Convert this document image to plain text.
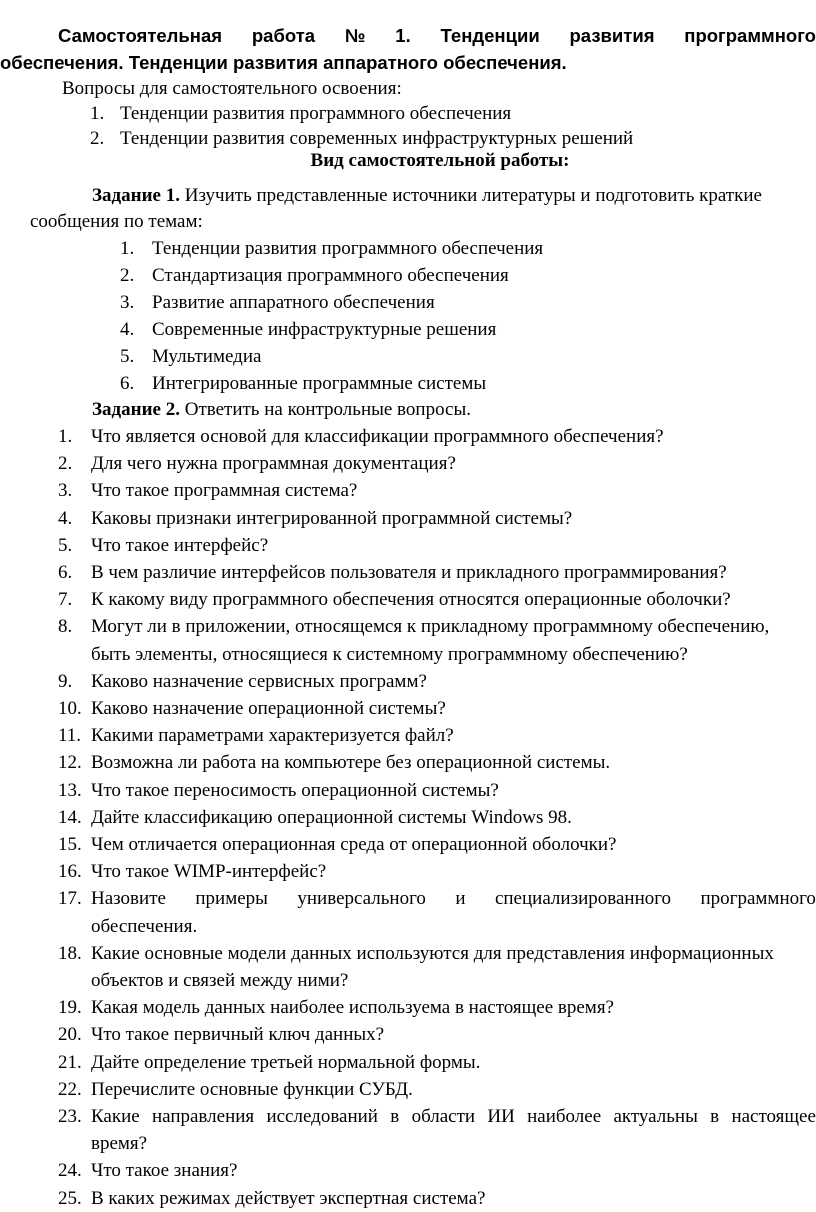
Самостоятельная работа № 1. Тенденции развития программного
обеспечения. Тенденции развития аппаратного обеспечения.
Вопросы для самостоятельного освоения:
1. Тенденции развития программного обеспечения
2. Тенденции развития современных инфраструктурных решений
Вид самостоятельной работы:
Задание 1. Изучить представленные источники литературы и подготовить краткие
сообщения по темам:
1. Тенденции развития программного обеспечения
2. Стандартизация программного обеспечения
3. Развитие аппаратного обеспечения
4. Современные инфраструктурные решения
5. Мультимедиа
6. Интегрированные программные системы
Задание 2. Ответить на контрольные вопросы.
1. Что является основой для классификации программного обеспечения?
2. Для чего нужна программная документация?
3. Что такое программная система?
4. Каковы признаки интегрированной программной системы?
5. Что такое интерфейс?
6. В чем различие интерфейсов пользователя и прикладного программирования?
7. К какому виду программного обеспечения относятся операционные оболочки?
8. Могут ли в приложении, относящемся к прикладному программному обеспечению,
быть элементы, относящиеся к системному программному обеспечению?
9. Каково назначение сервисных программ?
10. Каково назначение операционной системы?
11. Какими параметрами характеризуется файл?
12. Возможна ли работа на компьютере без операционной системы.
13. Что такое переносимость операционной системы?
14. Дайте классификацию операционной системы Windows 98.
15. Чем отличается операционная среда от операционной оболочки?
16. Что такое WIMP-интерфейс?
17. Назовите примеры универсального и специализированного программного
обеспечения.
18. Какие основные модели данных используются для представления информационных
объектов и связей между ними?
19. Какая модель данных наиболее используема в настоящее время?
20. Что такое первичный ключ данных?
21. Дайте определение третьей нормальной формы.
22. Перечислите основные функции СУБД.
23. Какие направления исследований в области ИИ наиболее актуальны в настоящее
время?
24. Что такое знания?
25. В каких режимах действует экспертная система?
